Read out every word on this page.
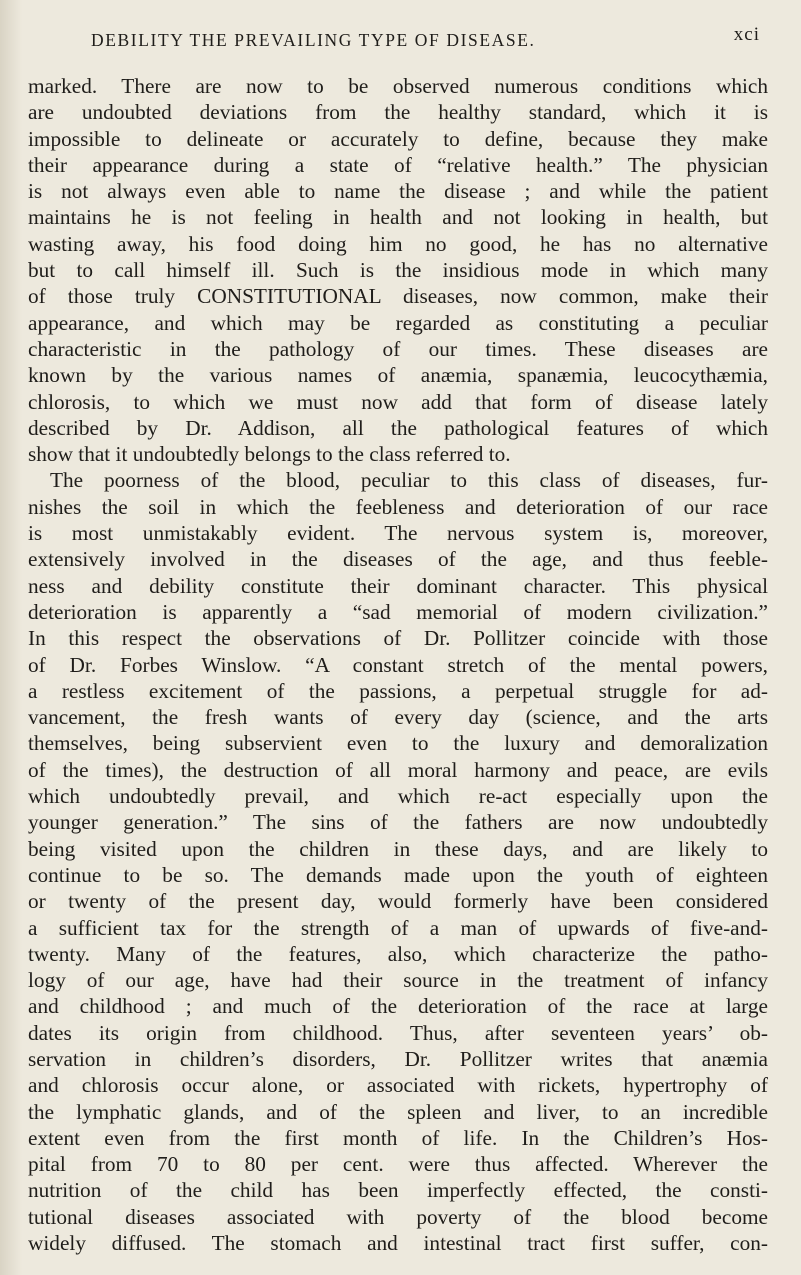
DEBILITY THE PREVAILING TYPE OF DISEASE.	xci
marked. There are now to be observed numerous conditions which
are undoubted deviations from the healthy standard, which it is
impossible to delineate or accurately to define, because they make
their appearance during a state of “relative health.” The physician
is not always even able to name the disease ; and while the patient
maintains he is not feeling in health and not looking in health, but
wasting away, his food doing him no good, he has no alternative
but to call himself ill. Such is the insidious mode in which many
of those truly CONSTITUTIONAL diseases, now common, make their
appearance, and which may be regarded as constituting a peculiar
characteristic in the pathology of our times. These diseases are
known by the various names of anæmia, spanæmia, leucocythæmia,
chlorosis, to which we must now add that form of disease lately
described by Dr. Addison, all the pathological features of which
show that it undoubtedly belongs to the class referred to.
The poorness of the blood, peculiar to this class of diseases, fur-
nishes the soil in which the feebleness and deterioration of our race
is most unmistakably evident. The nervous system is, moreover,
extensively involved in the diseases of the age, and thus feeble-
ness and debility constitute their dominant character. This physical
deterioration is apparently a “sad memorial of modern civilization.”
In this respect the observations of Dr. Pollitzer coincide with those
of Dr. Forbes Winslow. “A constant stretch of the mental powers,
a restless excitement of the passions, a perpetual struggle for ad-
vancement, the fresh wants of every day (science, and the arts
themselves, being subservient even to the luxury and demoralization
of the times), the destruction of all moral harmony and peace, are evils
which undoubtedly prevail, and which re-act especially upon the
younger generation.” The sins of the fathers are now undoubtedly
being visited upon the children in these days, and are likely to
continue to be so. The demands made upon the youth of eighteen
or twenty of the present day, would formerly have been considered
a sufficient tax for the strength of a man of upwards of five-and-
twenty. Many of the features, also, which characterize the patho-
logy of our age, have had their source in the treatment of infancy
and childhood ; and much of the deterioration of the race at large
dates its origin from childhood. Thus, after seventeen years’ ob-
servation in children’s disorders, Dr. Pollitzer writes that anæmia
and chlorosis occur alone, or associated with rickets, hypertrophy of
the lymphatic glands, and of the spleen and liver, to an incredible
extent even from the first month of life. In the Children’s Hos-
pital from 70 to 80 per cent. were thus affected. Wherever the
nutrition of the child has been imperfectly effected, the consti-
tutional diseases associated with poverty of the blood become
widely diffused. The stomach and intestinal tract first suffer, con-
